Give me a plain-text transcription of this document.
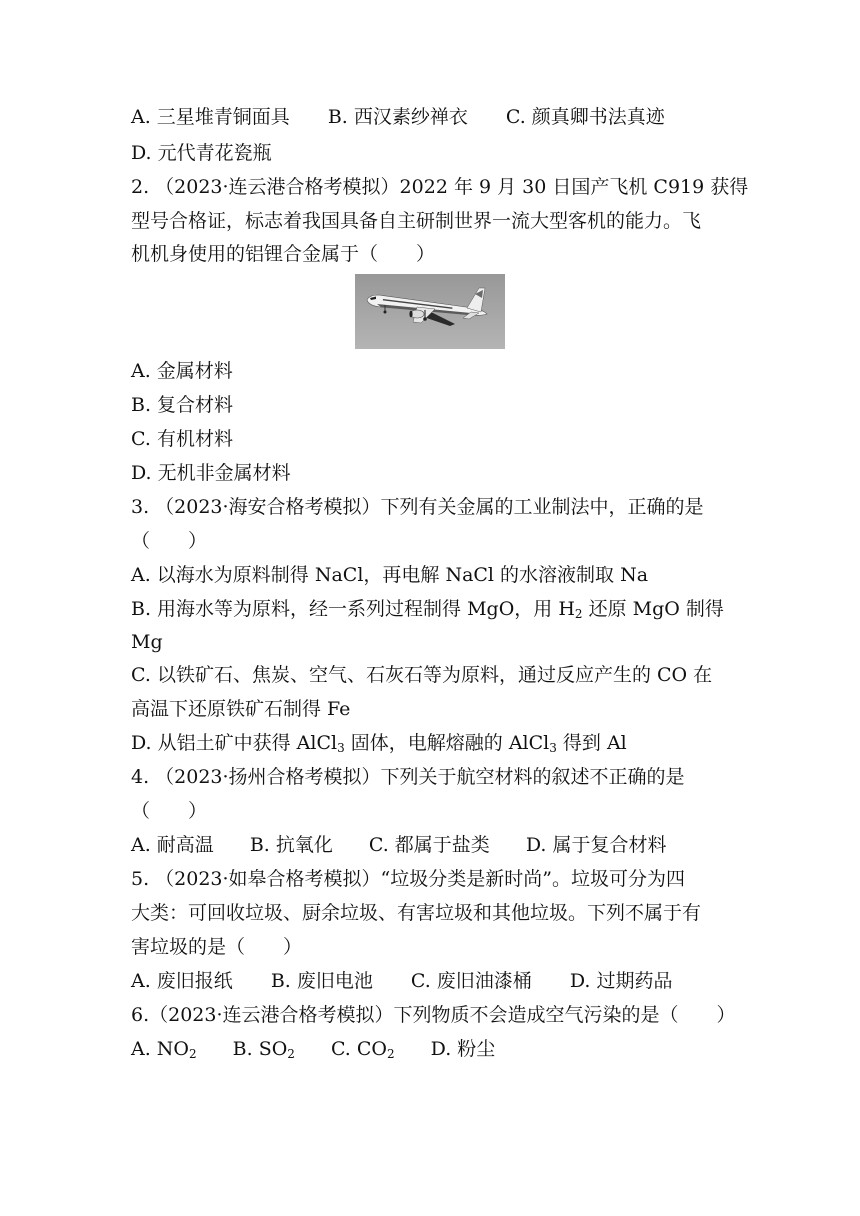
A. 三星堆青铜面具 B. 西汉素纱禅衣 C. 颜真卿书法真迹
D. 元代青花瓷瓶
2. （2023·连云港合格考模拟）2022 年 9 月 30 日国产飞机 C919 获得
型号合格证，标志着我国具备自主研制世界一流大型客机的能力。飞
机机身使用的铝锂合金属于（　　）
A. 金属材料
B. 复合材料
C. 有机材料
D. 无机非金属材料
3. （2023·海安合格考模拟）下列有关金属的工业制法中，正确的是
（　　）
A. 以海水为原料制得 NaCl，再电解 NaCl 的水溶液制取 Na
B. 用海水等为原料，经一系列过程制得 MgO，用 $H_2$ 还原 MgO 制得
Mg
C. 以铁矿石、焦炭、空气、石灰石等为原料，通过反应产生的 CO 在
高温下还原铁矿石制得 Fe
D. 从铝土矿中获得 AlCl$_3$ 固体，电解熔融的 AlCl$_3$ 得到 Al
4. （2023·扬州合格考模拟）下列关于航空材料的叙述不正确的是
（　　）
A. 耐高温 B. 抗氧化 C. 都属于盐类 D. 属于复合材料
5. （2023·如皋合格考模拟）“垃圾分类是新时尚”。垃圾可分为四
大类：可回收垃圾、厨余垃圾、有害垃圾和其他垃圾。下列不属于有
害垃圾的是（　　）
A. 废旧报纸 B. 废旧电池 C. 废旧油漆桶 D. 过期药品
6.（2023·连云港合格考模拟）下列物质不会造成空气污染的是（　　）
A. $NO_2$ B. $SO_2$ C. $CO_2$ D. 粉尘
